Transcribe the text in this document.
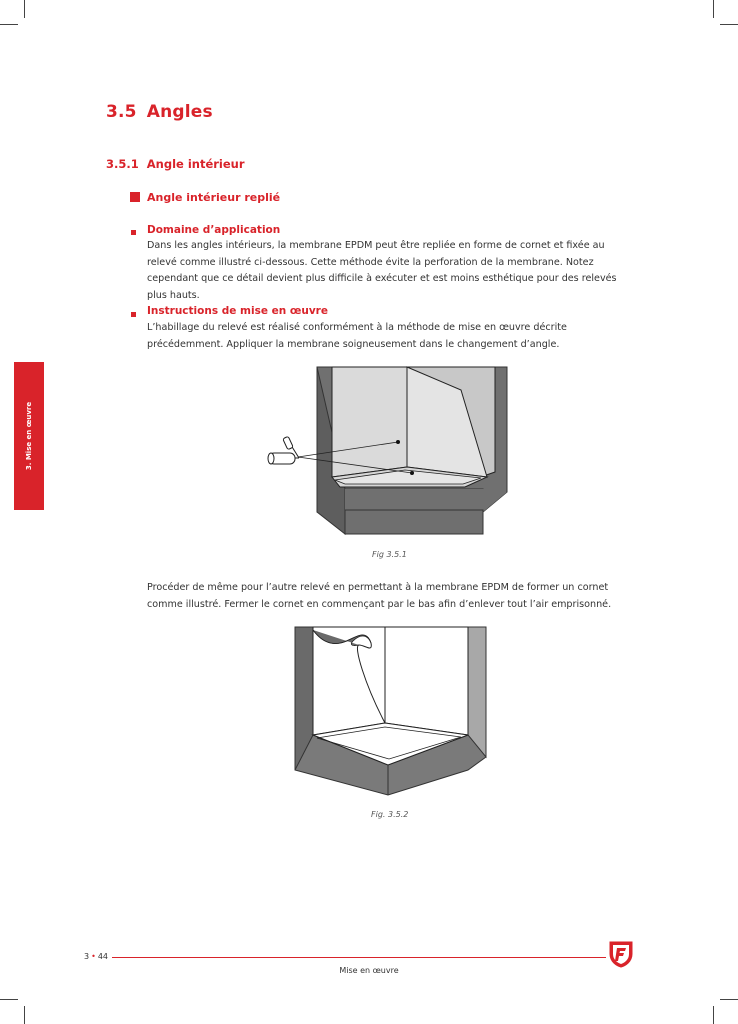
3.5 Angles
3.5.1 Angle intérieur
Angle intérieur replié
Domaine d’application
Dans les angles intérieurs, la membrane EPDM peut être repliée en forme de cornet et fixée au relevé comme illustré ci-dessous. Cette méthode évite la perforation de la membrane. Notez cependant que ce détail devient plus difficile à exécuter et est moins esthétique pour des relevés plus hauts.
Instructions de mise en œuvre
L’habillage du relevé est réalisé conformément à la méthode de mise en œuvre décrite précédemment. Appliquer la membrane soigneusement dans le changement d’angle.
Fig 3.5.1
Procéder de même pour l’autre relevé en permettant à la membrane EPDM de former un cornet comme illustré. Fermer le cornet en commençant par le bas afin d’enlever tout l’air emprisonné.
Fig. 3.5.2
3. Mise en œuvre
3 • 44
Mise en œuvre
